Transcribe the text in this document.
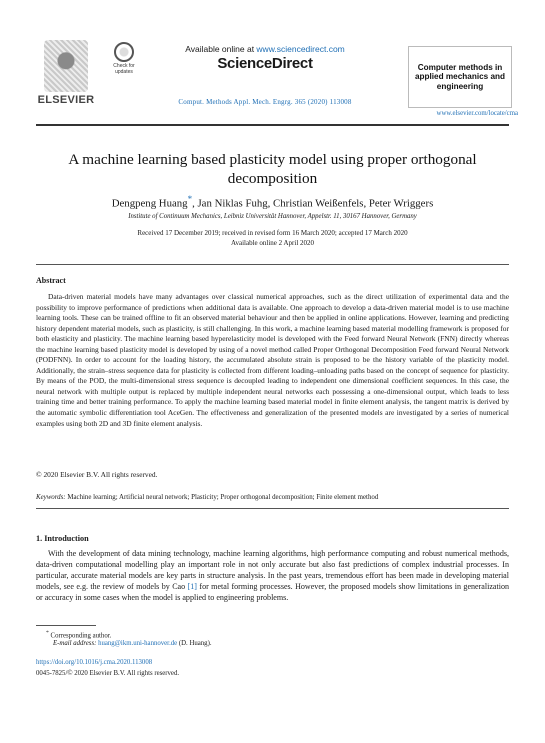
ELSEVIER
Check for updates
Available online at www.sciencedirect.com
ScienceDirect
Comput. Methods Appl. Mech. Engrg. 365 (2020) 113008
Computer methods in applied mechanics and engineering
www.elsevier.com/locate/cma
A machine learning based plasticity model using proper orthogonal decomposition
Dengpeng Huang*, Jan Niklas Fuhg, Christian Weißenfels, Peter Wriggers
Institute of Continuum Mechanics, Leibniz Universität Hannover, Appelstr. 11, 30167 Hannover, Germany
Received 17 December 2019; received in revised form 16 March 2020; accepted 17 March 2020
Available online 2 April 2020
Abstract

Data-driven material models have many advantages over classical numerical approaches, such as the direct utilization of experimental data and the possibility to improve performance of predictions when additional data is available. One approach to develop a data-driven material model is to use machine learning tools. These can be trained offline to fit an observed material behaviour and then be applied in online applications. However, learning and predicting history dependent material models, such as plasticity, is still challenging. In this work, a machine learning based material modelling framework is proposed for both elasticity and plasticity. The machine learning based hyperelasticity model is developed with the Feed forward Neural Network (FNN) directly whereas the machine learning based plasticity model is developed by using of a novel method called Proper Orthogonal Decomposition Feed forward Neural Network (PODFNN). In order to account for the loading history, the accumulated absolute strain is proposed to be the history variable of the plasticity model. Additionally, the strain–stress sequence data for plasticity is collected from different loading–unloading paths based on the concept of sequence for plasticity. By means of the POD, the multi-dimensional stress sequence is decoupled leading to independent one dimensional coefficient sequences. In this case, the neural network with multiple output is replaced by multiple independent neural networks each possessing a one-dimensional output, which leads to less training time and better training performance. To apply the machine learning based material model in finite element analysis, the tangent matrix is derived by the automatic symbolic differentiation tool AceGen. The effectiveness and generalization of the presented models are investigated by a series of numerical examples using both 2D and 3D finite element analysis.

© 2020 Elsevier B.V. All rights reserved.
Keywords: Machine learning; Artificial neural network; Plasticity; Proper orthogonal decomposition; Finite element method
1. Introduction

With the development of data mining technology, machine learning algorithms, high performance computing and robust numerical methods, data-driven computational modelling play an important role in not only accurate but also fast predictions of complex industrial processes. In particular, accurate material models are key parts in structure analysis. In the past years, tremendous effort has been made in developing material models, see e.g. the review of models by Cao [1] for metal forming processes. However, the proposed models show limitations in generalization or accuracy in some cases when the model is applied to engineering problems.

* Corresponding author.
E-mail address: huang@ikm.uni-hannover.de (D. Huang).
https://doi.org/10.1016/j.cma.2020.113008
0045-7825/© 2020 Elsevier B.V. All rights reserved.
